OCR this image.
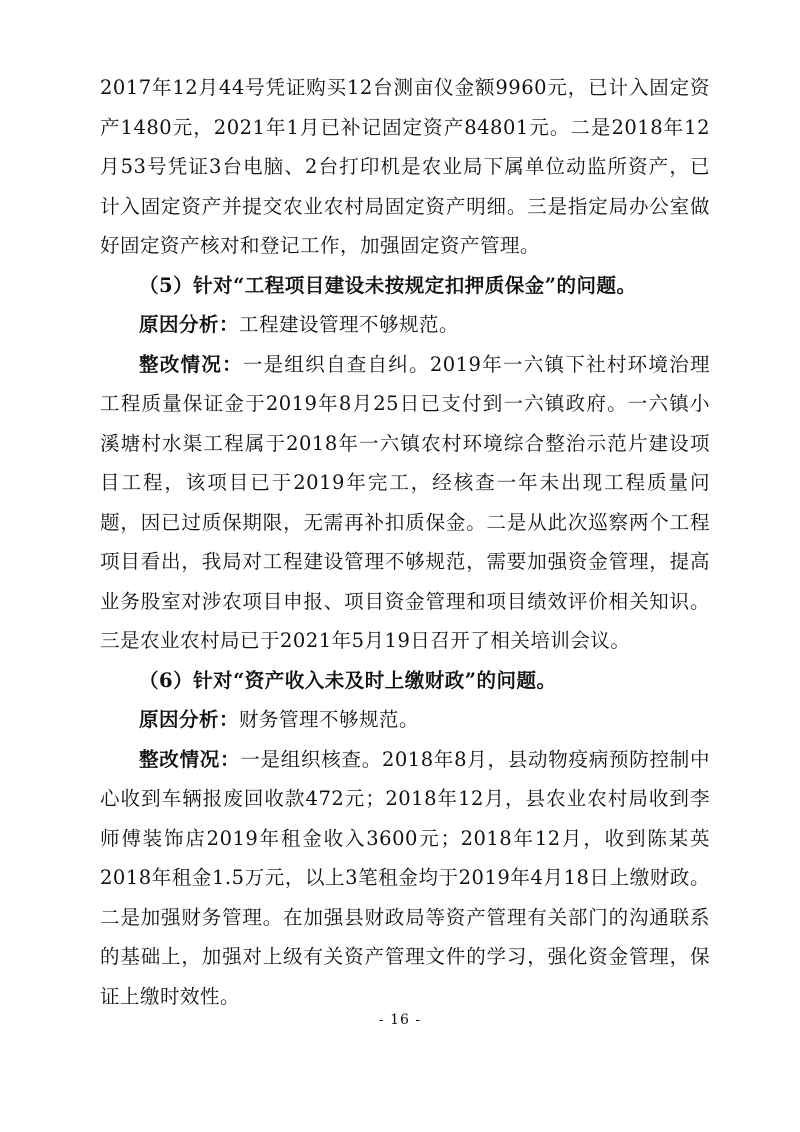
2017年12月44号凭证购买12台测亩仪金额9960元，已计入固定资产1480元，2021年1月已补记固定资产84801元。二是2018年12月53号凭证3台电脑、2台打印机是农业局下属单位动监所资产，已计入固定资产并提交农业农村局固定资产明细。三是指定局办公室做好固定资产核对和登记工作，加强固定资产管理。

（5）针对“工程项目建设未按规定扣押质保金”的问题。

原因分析：工程建设管理不够规范。

整改情况：一是组织自查自纠。2019年一六镇下社村环境治理工程质量保证金于2019年8月25日已支付到一六镇政府。一六镇小溪塘村水渠工程属于2018年一六镇农村环境综合整治示范片建设项目工程，该项目已于2019年完工，经核查一年未出现工程质量问题，因已过质保期限，无需再补扣质保金。二是从此次巡察两个工程项目看出，我局对工程建设管理不够规范，需要加强资金管理，提高业务股室对涉农项目申报、项目资金管理和项目绩效评价相关知识。三是农业农村局已于2021年5月19日召开了相关培训会议。

（6）针对“资产收入未及时上缴财政”的问题。

原因分析：财务管理不够规范。

整改情况：一是组织核查。2018年8月，县动物疫病预防控制中心收到车辆报废回收款472元；2018年12月，县农业农村局收到李师傅装饰店2019年租金收入3600元；2018年12月，收到陈某英2018年租金1.5万元，以上3笔租金均于2019年4月18日上缴财政。二是加强财务管理。在加强县财政局等资产管理有关部门的沟通联系的基础上，加强对上级有关资产管理文件的学习，强化资金管理，保证上缴时效性。

- 16 -
